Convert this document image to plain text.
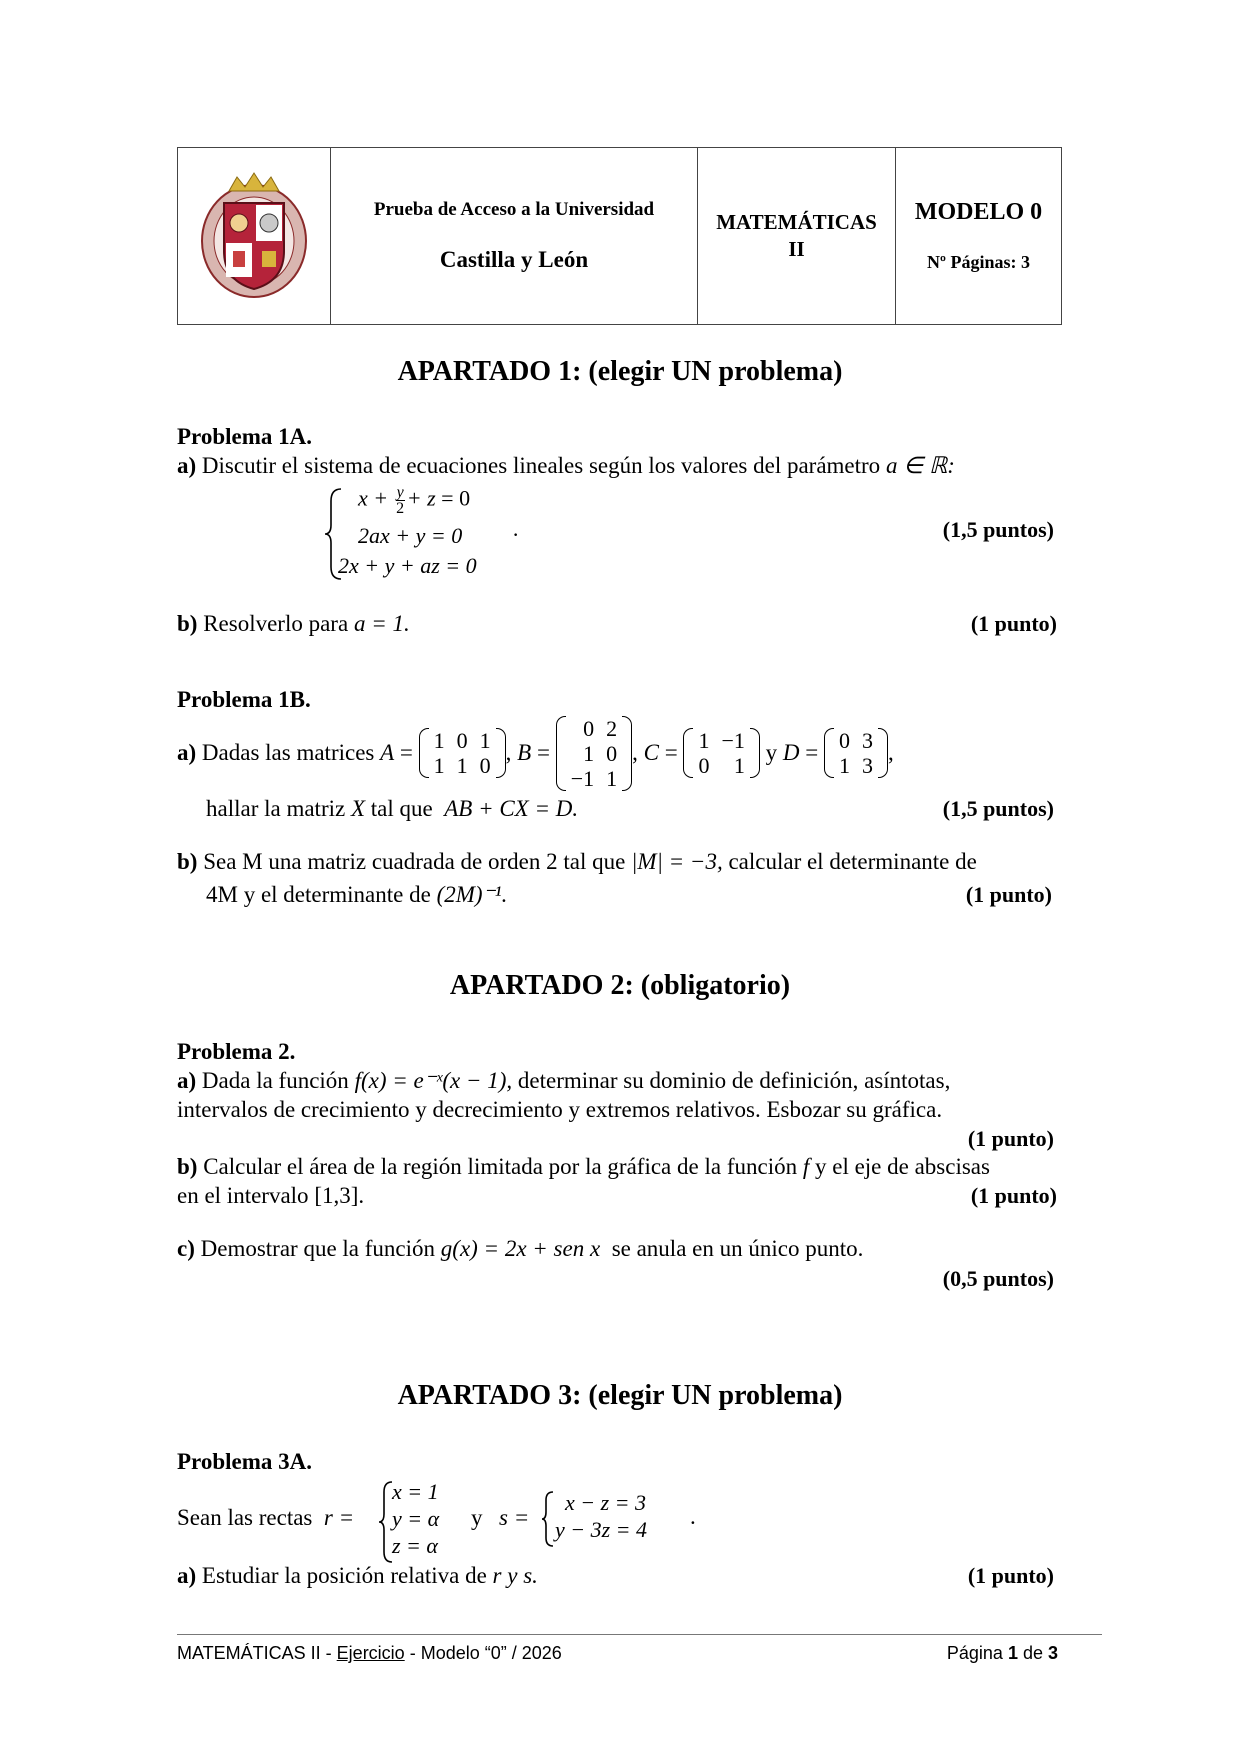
Prueba de Acceso a la Universidad
Castilla y León

MATEMÁTICAS
II

MODELO 0
Nº Páginas: 3
APARTADO 1: (elegir UN problema)
Problema 1A.
a) Discutir el sistema de ecuaciones lineales según los valores del parámetro a ∈ ℝ:
$x + \frac{y}{2} + z = 0$
2ax + y = 0 ·
2x + y + az = 0
(1,5 puntos)
b) Resolverlo para a = 1.	(1 punto)
Problema 1B.
a)
Dadas las matrices
A = 1	0	1
1	1	0
, B =
0	2
1	0
−1	1
, C = 1	−1
0	1

y
D = 0	3
1	3
,
hallar la matriz X tal que AB + CX = D.	(1,5 puntos)
b) Sea M una matriz cuadrada de orden 2 tal que |M| = −3, calcular el determinante de
4M y el determinante de (2M)⁻¹.	(1 punto)
APARTADO 2: (obligatorio)
Problema 2.
a) Dada la función f(x) = e⁻ˣ(x − 1), determinar su dominio de definición, asíntotas,
intervalos de crecimiento y decrecimiento y extremos relativos. Esbozar su gráfica.
(1 punto)
b) Calcular el área de la región limitada por la gráfica de la función f y el eje de abscisas
en el intervalo [1,3].	(1 punto)
c) Demostrar que la función g(x) = 2x + sen x se anula en un único punto.
(0,5 puntos)
APARTADO 3: (elegir UN problema)
Problema 3A.
Sean las rectas r =
x = 1
y = α
z = α
y s =
x − z = 3
y − 3z = 4
.
a) Estudiar la posición relativa de r y s.	(1 punto)
MATEMÁTICAS II - Ejercicio - Modelo “0” / 2026	Página 1 de 3
